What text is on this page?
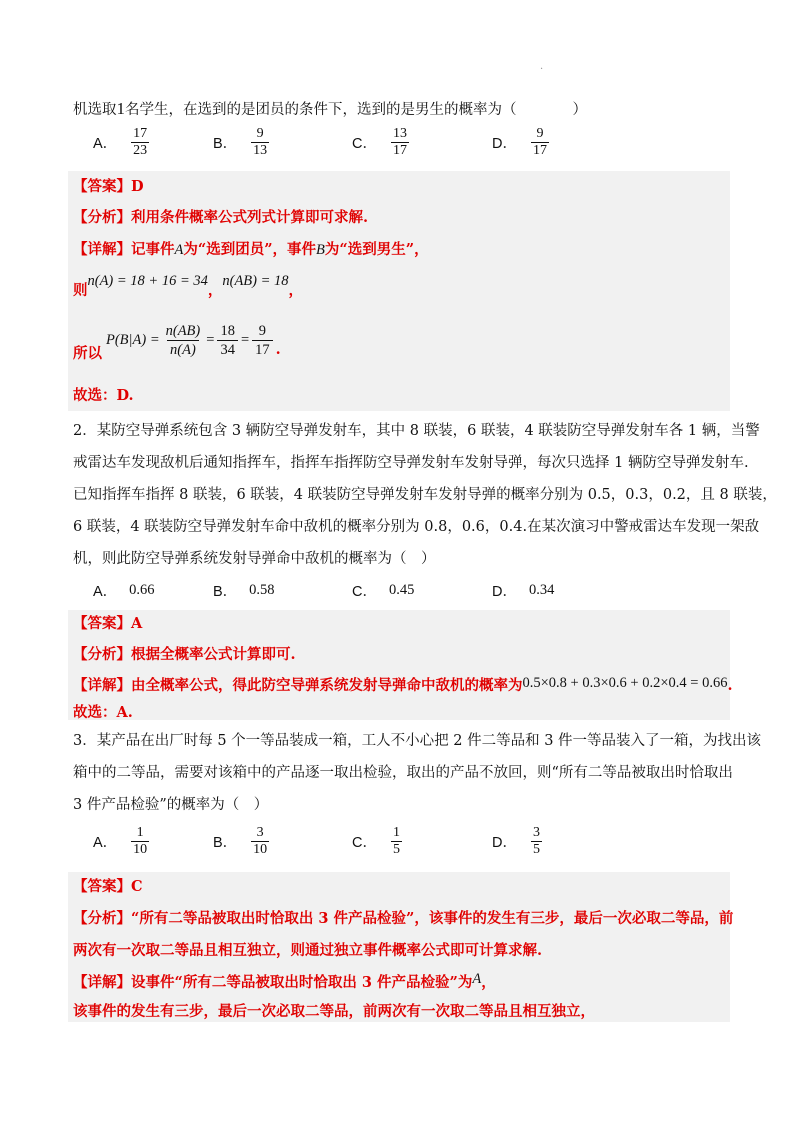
·
机选取1名学生，在选到的是团员的条件下，选到的是男生的概率为（	）
A． $\frac{17}{23}$	B． $\frac{9}{13}$	C． $\frac{13}{17}$	D． $\frac{9}{17}$
【答案】D
【分析】利用条件概率公式列式计算即可求解.
【详解】记事件A为“选到团员”，事件B为“选到男生”，
则n(A) = 18 + 16 = 34，n(AB) = 18，
所以
$P(B|A) = \frac{n(AB)}{n(A)} = \frac{18}{34} = \frac{9}{17}$ .
故选：D.
2．某防空导弹系统包含 3 辆防空导弹发射车，其中 8 联装，6 联装，4 联装防空导弹发射车各 1 辆，当警
戒雷达车发现敌机后通知指挥车，指挥车指挥防空导弹发射车发射导弹，每次只选择 1 辆防空导弹发射车.
已知指挥车指挥 8 联装，6 联装，4 联装防空导弹发射车发射导弹的概率分别为 0.5，0.3，0.2，且 8 联装，
6 联装，4 联装防空导弹发射车命中敌机的概率分别为 0.8，0.6，0.4.在某次演习中警戒雷达车发现一架敌
机，则此防空导弹系统发射导弹命中敌机的概率为（　）
A． 0.66	B． 0.58	C． 0.45	D． 0.34
【答案】A
【分析】根据全概率公式计算即可.
【详解】由全概率公式，得此防空导弹系统发射导弹命中敌机的概率为0.5×0.8 + 0.3×0.6 + 0.2×0.4 = 0.66.
故选：A.
3．某产品在出厂时每 5 个一等品装成一箱，工人不小心把 2 件二等品和 3 件一等品装入了一箱，为找出该
箱中的二等品，需要对该箱中的产品逐一取出检验，取出的产品不放回，则“所有二等品被取出时恰取出
3 件产品检验”的概率为（　）
A． $\frac{1}{10}$	B． $\frac{3}{10}$	C． $\frac{1}{5}$	D． $\frac{3}{5}$
【答案】C
【分析】“所有二等品被取出时恰取出 3 件产品检验”，该事件的发生有三步，最后一次必取二等品，前
两次有一次取二等品且相互独立，则通过独立事件概率公式即可计算求解.
【详解】设事件“所有二等品被取出时恰取出 3 件产品检验”为A，
该事件的发生有三步，最后一次必取二等品，前两次有一次取二等品且相互独立，
